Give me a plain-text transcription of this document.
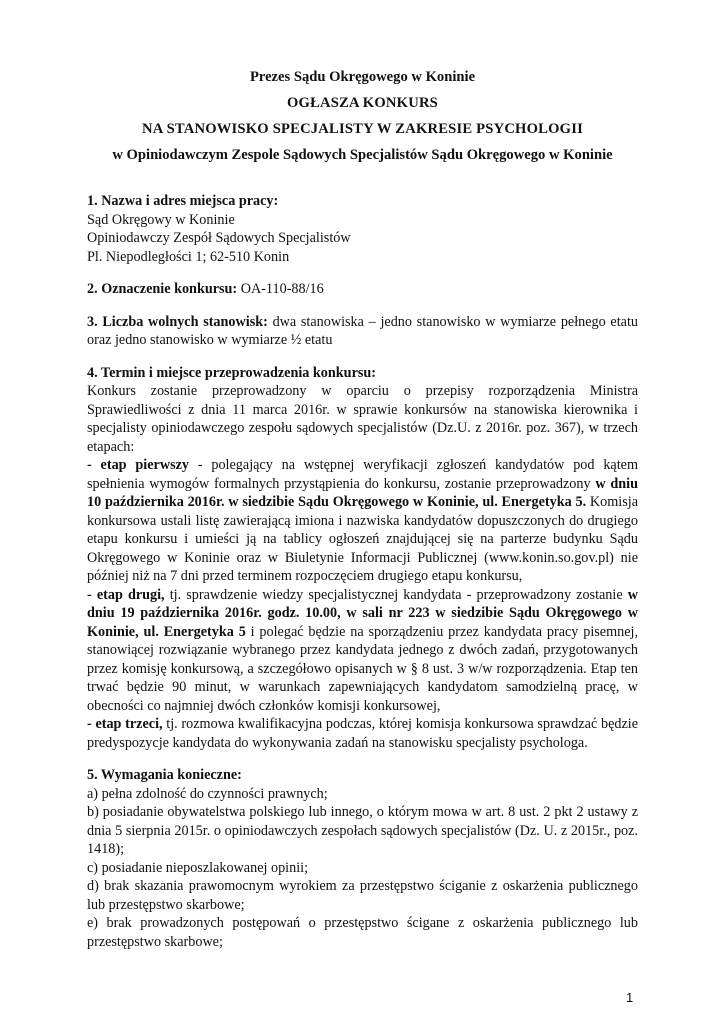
Prezes Sądu Okręgowego w Koninie
OGŁASZA KONKURS
NA STANOWISKO SPECJALISTY W ZAKRESIE PSYCHOLOGII
w Opiniodawczym Zespole Sądowych Specjalistów Sądu Okręgowego w Koninie

1. Nazwa i adres miejsca pracy:

Sąd Okręgowy w Koninie

Opiniodawczy Zespół Sądowych Specjalistów

Pl. Niepodległości 1; 62-510 Konin

2. Oznaczenie konkursu: OA-110-88/16

3. Liczba wolnych stanowisk: dwa stanowiska – jedno stanowisko w wymiarze pełnego etatu oraz jedno stanowisko w wymiarze ½ etatu

4. Termin i miejsce przeprowadzenia konkursu:

Konkurs zostanie przeprowadzony w oparciu o przepisy rozporządzenia Ministra Sprawiedliwości z dnia 11 marca 2016r. w sprawie konkursów na stanowiska kierownika i specjalisty opiniodawczego zespołu sądowych specjalistów (Dz.U. z 2016r. poz. 367), w trzech etapach:

- etap pierwszy - polegający na wstępnej weryfikacji zgłoszeń kandydatów pod kątem spełnienia wymogów formalnych przystąpienia do konkursu, zostanie przeprowadzony w dniu 10 października 2016r. w siedzibie Sądu Okręgowego w Koninie, ul. Energetyka 5. Komisja konkursowa ustali listę zawierającą imiona i nazwiska kandydatów dopuszczonych do drugiego etapu konkursu i umieści ją na tablicy ogłoszeń znajdującej się na parterze budynku Sądu Okręgowego w Koninie oraz w Biuletynie Informacji Publicznej (www.konin.so.gov.pl) nie później niż na 7 dni przed terminem rozpoczęciem drugiego etapu konkursu,

- etap drugi, tj. sprawdzenie wiedzy specjalistycznej kandydata - przeprowadzony zostanie w dniu 19 października 2016r. godz. 10.00, w sali nr 223 w siedzibie Sądu Okręgowego w Koninie, ul. Energetyka 5 i polegać będzie na sporządzeniu przez kandydata pracy pisemnej, stanowiącej rozwiązanie wybranego przez kandydata jednego z dwóch zadań, przygotowanych przez komisję konkursową, a szczegółowo opisanych w § 8 ust. 3 w/w rozporządzenia. Etap ten trwać będzie 90 minut, w warunkach zapewniających kandydatom samodzielną pracę, w obecności co najmniej dwóch członków komisji konkursowej,

- etap trzeci, tj. rozmowa kwalifikacyjna podczas, której komisja konkursowa sprawdzać będzie predyspozycje kandydata do wykonywania zadań na stanowisku specjalisty psychologa.

5. Wymagania konieczne:

a) pełna zdolność do czynności prawnych;

b) posiadanie obywatelstwa polskiego lub innego, o którym mowa w art. 8 ust. 2 pkt 2 ustawy z dnia 5 sierpnia 2015r. o opiniodawczych zespołach sądowych specjalistów (Dz. U. z 2015r., poz. 1418);

c) posiadanie nieposzlakowanej opinii;

d) brak skazania prawomocnym wyrokiem za przestępstwo ściganie z oskarżenia publicznego lub przestępstwo skarbowe;

e) brak prowadzonych postępowań o przestępstwo ścigane z oskarżenia publicznego lub przestępstwo skarbowe;

1
